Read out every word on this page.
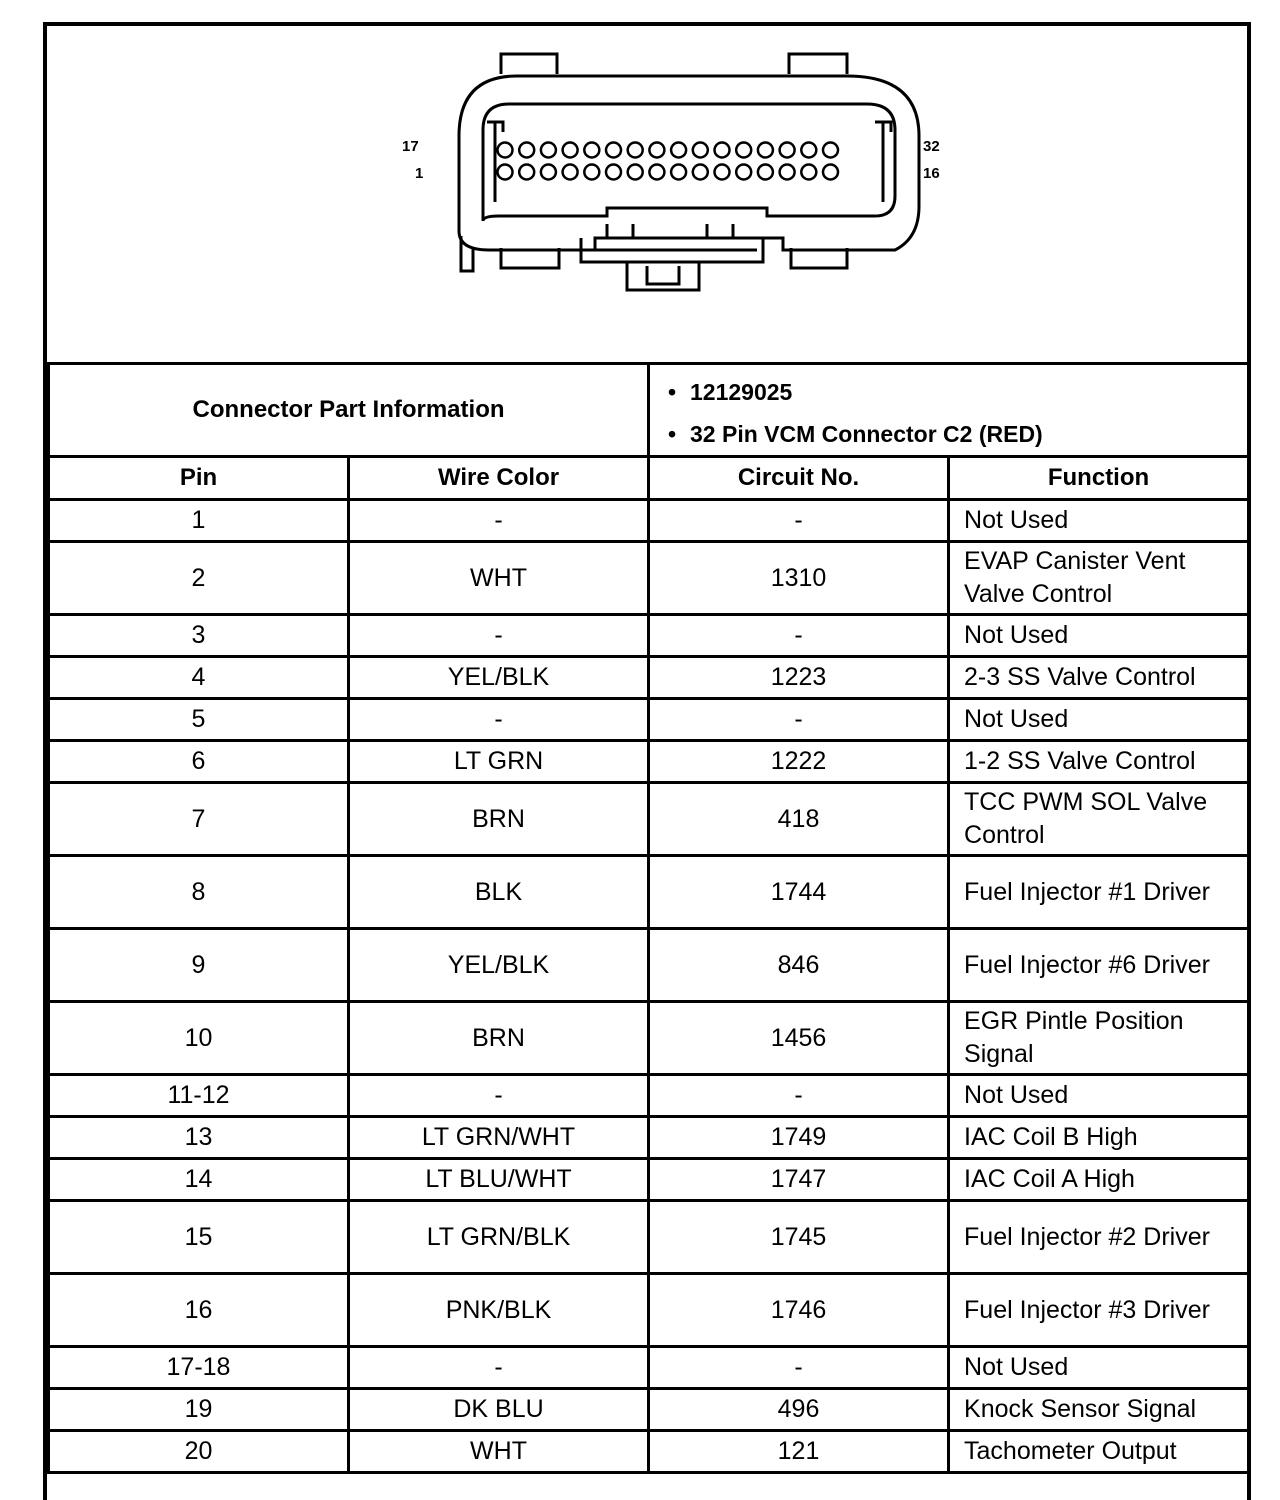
17
1
32
16
Connector Part Information		• 12129025
• 32 Pin VCM Connector C2 (RED)	

Pin	Wire Color	Circuit No.	Function
1	-	-	Not Used
2	WHT	1310	EVAP Canister Vent Valve Control
3	-	-	Not Used
4	YEL/BLK	1223	2-3 SS Valve Control
5	-	-	Not Used
6	LT GRN	1222	1-2 SS Valve Control
7	BRN	418	TCC PWM SOL Valve Control
8	BLK	1744	Fuel Injector #1 Driver
9	YEL/BLK	846	Fuel Injector #6 Driver
10	BRN	1456	EGR Pintle Position Signal
11-12	-	-	Not Used
13	LT GRN/WHT	1749	IAC Coil B High
14	LT BLU/WHT	1747	IAC Coil A High
15	LT GRN/BLK	1745	Fuel Injector #2 Driver
16	PNK/BLK	1746	Fuel Injector #3 Driver
17-18	-	-	Not Used
19	DK BLU	496	Knock Sensor Signal
20	WHT	121	Tachometer Output
